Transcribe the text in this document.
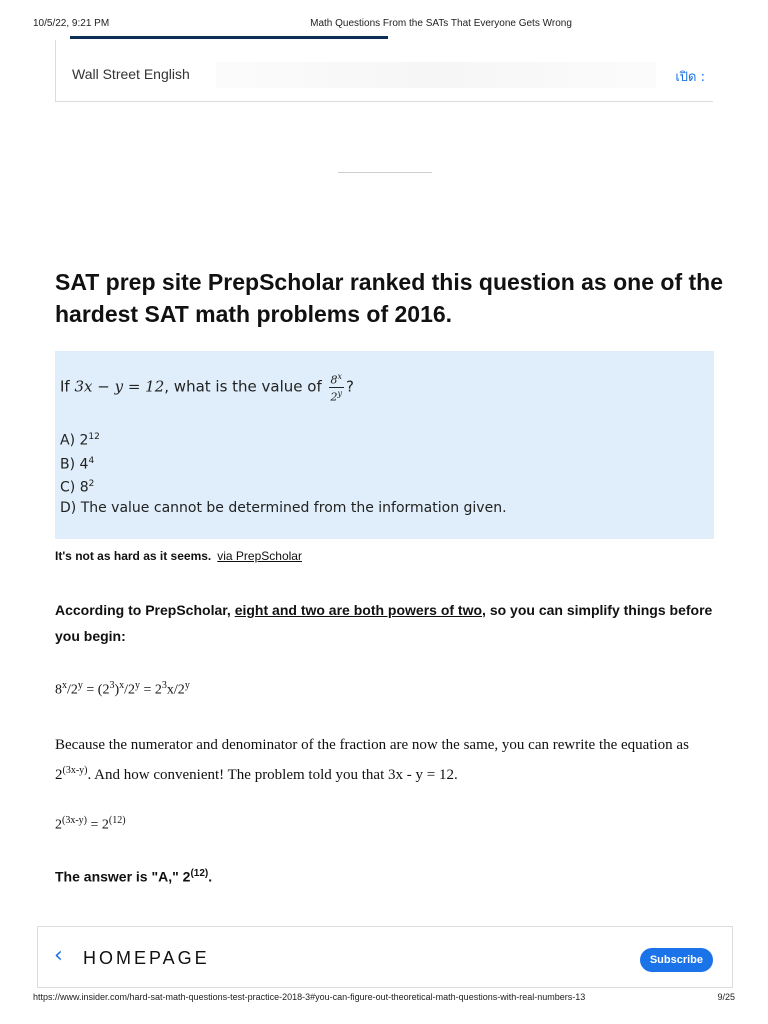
10/5/22, 9:21 PM	Math Questions From the SATs That Everyone Gets Wrong
Wall Street English	เปิด :
SAT prep site PrepScholar ranked this question as one of the hardest SAT math problems of 2016.
If 3x − y = 12, what is the value of $\frac{8^x}{2^y}$ ?
A) $2^{12}$
B) $4^4$
C) $8^2$
D) The value cannot be determined from the information given.
It's not as hard as it seems. via PrepScholar
According to PrepScholar, eight and two are both powers of two, so you can simplify things before you begin:
$8^x/2^y = (2^3)^x/2^y = 2^3x/2^y$
Because the numerator and denominator of the fraction are now the same, you can rewrite the equation as $2^{(3x-y)}$. And how convenient! The problem told you that 3x - y = 12.
$2^{(3x-y)} = 2^{(12)}$
The answer is "A," 2$^{(12)}$.
‹ HOMEPAGE	Subscribe
https://www.insider.com/hard-sat-math-questions-test-practice-2018-3#you-can-figure-out-theoretical-math-questions-with-real-numbers-13	9/25
